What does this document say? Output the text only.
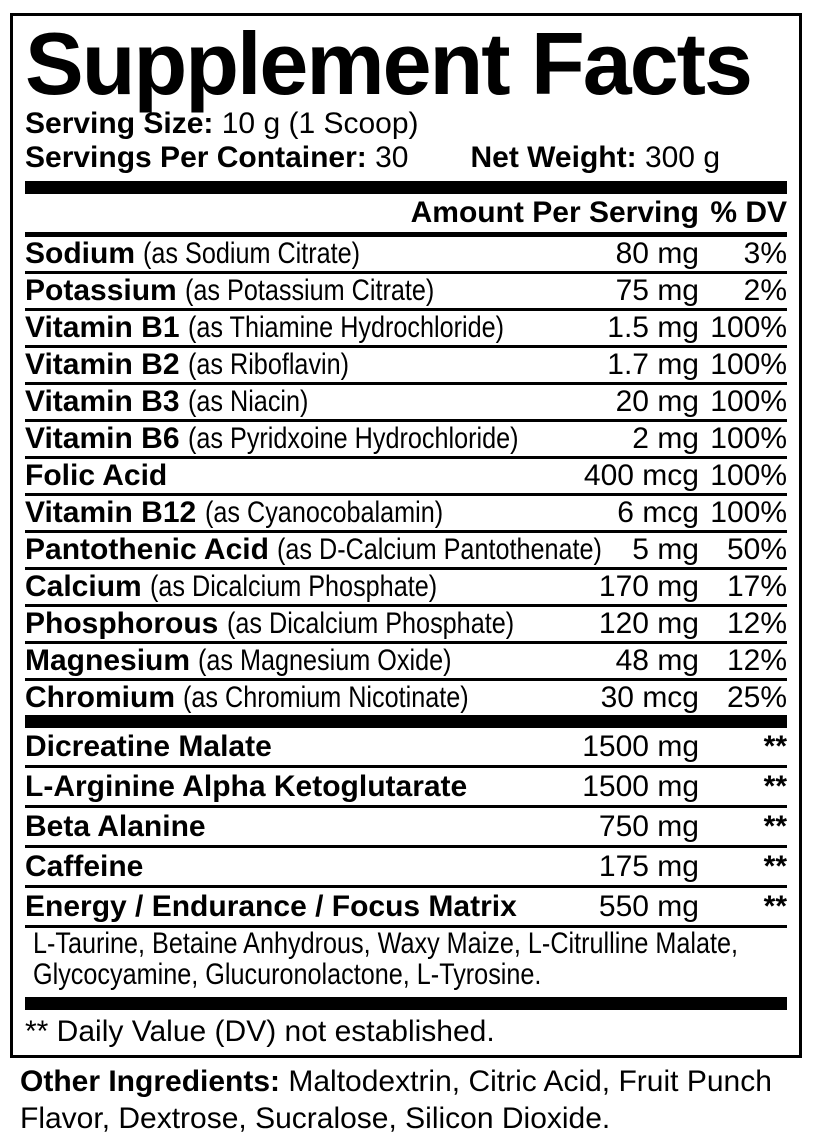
Supplement Facts
Serving Size: 10 g (1 Scoop)
Servings Per Container: 30 Net Weight: 300 g
Amount Per Serving % DV
Sodium (as Sodium Citrate)	80 mg	3%
Potassium (as Potassium Citrate)	75 mg	2%
Vitamin B1 (as Thiamine Hydrochloride)	1.5 mg 100%
Vitamin B2 (as Riboflavin)	1.7 mg 100%
Vitamin B3 (as Niacin)	20 mg 100%
Vitamin B6 (as Pyridxoine Hydrochloride)	2 mg 100%
Folic Acid	400 mcg 100%
Vitamin B12 (as Cyanocobalamin)	6 mcg 100%
Pantothenic Acid (as D-Calcium Pantothenate)	5 mg 50%
Calcium (as Dicalcium Phosphate)	170 mg 17%
Phosphorous (as Dicalcium Phosphate)	120 mg 12%
Magnesium (as Magnesium Oxide)	48 mg 12%
Chromium (as Chromium Nicotinate)	30 mcg 25%
Dicreatine Malate	1500 mg	**
L-Arginine Alpha Ketoglutarate	1500 mg	**
Beta Alanine	750 mg	**
Caffeine	175 mg	**
Energy / Endurance / Focus Matrix	550 mg	**
L-Taurine, Betaine Anhydrous, Waxy Maize, L-Citrulline Malate,
Glycocyamine, Glucuronolactone, L-Tyrosine.
** Daily Value (DV) not established.
Other Ingredients: Maltodextrin, Citric Acid, Fruit Punch Flavor, Dextrose, Sucralose, Silicon Dioxide.
